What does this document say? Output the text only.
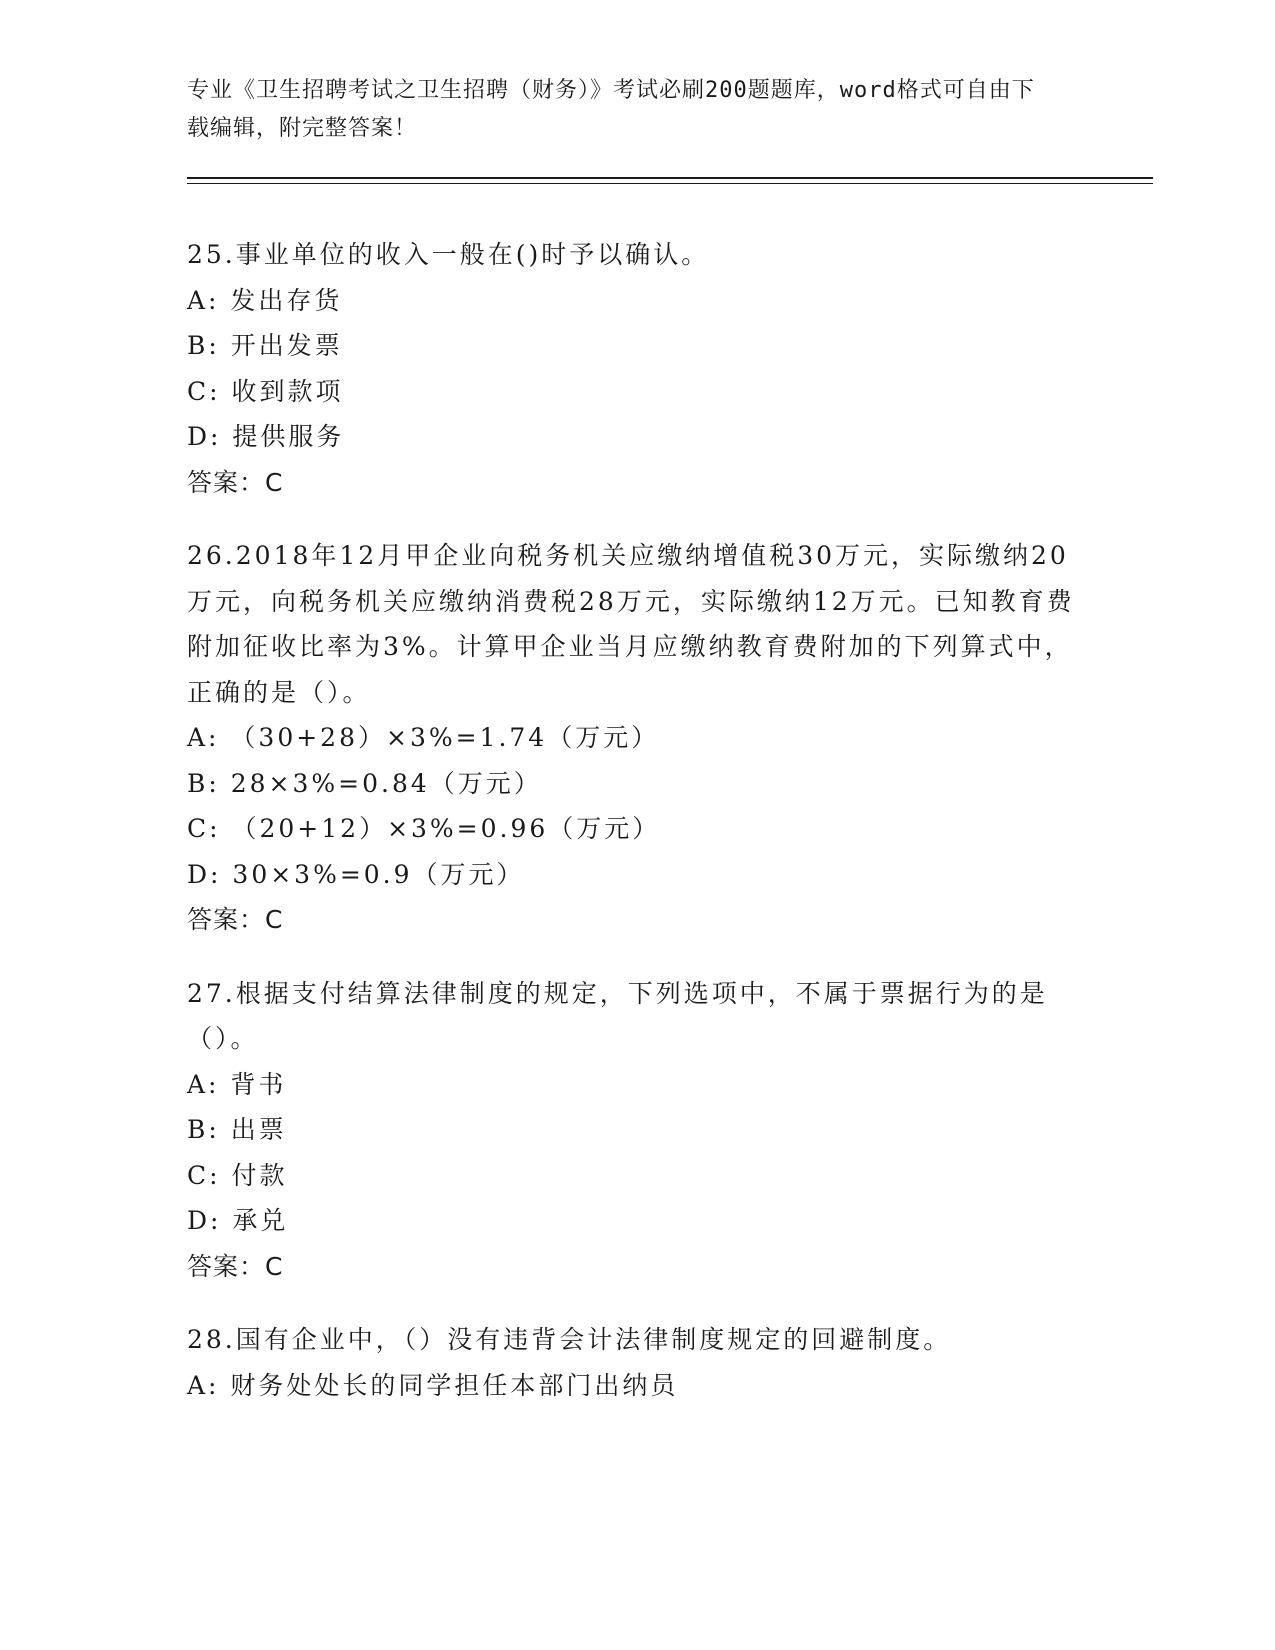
专业《卫生招聘考试之卫生招聘（财务）》考试必刷200题题库，word格式可自由下载编辑，附完整答案！

25.事业单位的收入一般在()时予以确认。

A: 发出存货

B: 开出发票

C: 收到款项

D: 提供服务

答案：C

26.2018年12月甲企业向税务机关应缴纳增值税30万元，实际缴纳20万元，向税务机关应缴纳消费税28万元，实际缴纳12万元。已知教育费附加征收比率为3%。计算甲企业当月应缴纳教育费附加的下列算式中，正确的是（）。

A: （30+28）×3%=1.74（万元）

B: 28×3%=0.84（万元）

C: （20+12）×3%=0.96（万元）

D: 30×3%=0.9（万元）

答案：C

27.根据支付结算法律制度的规定，下列选项中，不属于票据行为的是（）。

A: 背书

B: 出票

C: 付款

D: 承兑

答案：C

28.国有企业中，（）没有违背会计法律制度规定的回避制度。

A: 财务处处长的同学担任本部门出纳员
